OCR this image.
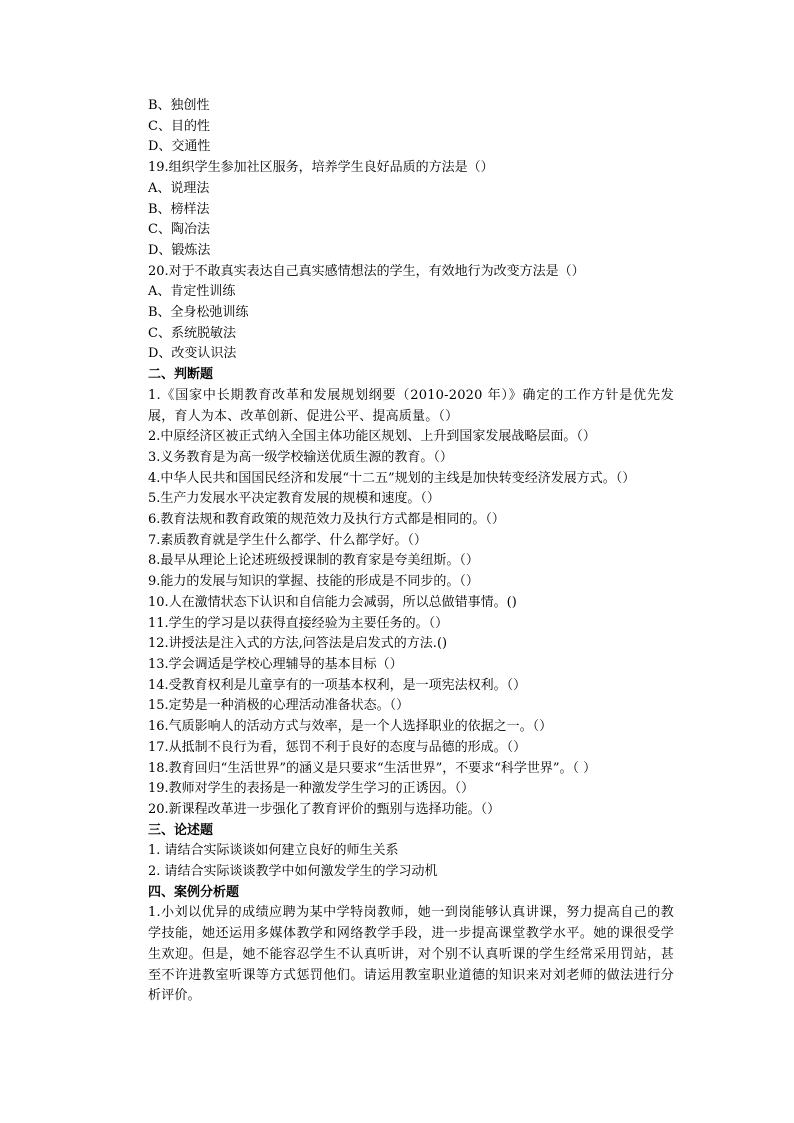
B、独创性
C、目的性
D、交通性
19.组织学生参加社区服务，培养学生良好品质的方法是（）
A、说理法
B、榜样法
C、陶冶法
D、锻炼法
20.对于不敢真实表达自己真实感情想法的学生，有效地行为改变方法是（）
A、肯定性训练
B、全身松弛训练
C、系统脱敏法
D、改变认识法
二、判断题
1.《国家中长期教育改革和发展规划纲要（2010-2020 年）》确定的工作方针是优先发展，育人为本、改革创新、促进公平、提高质量。（）
2.中原经济区被正式纳入全国主体功能区规划、上升到国家发展战略层面。（）
3.义务教育是为高一级学校输送优质生源的教育。（）
4.中华人民共和国国民经济和发展“十二五”规划的主线是加快转变经济发展方式。（）
5.生产力发展水平决定教育发展的规模和速度。（）
6.教育法规和教育政策的规范效力及执行方式都是相同的。（）
7.素质教育就是学生什么都学、什么都学好。（）
8.最早从理论上论述班级授课制的教育家是夸美纽斯。（）
9.能力的发展与知识的掌握、技能的形成是不同步的。（）
10.人在激情状态下认识和自信能力会减弱，所以总做错事情。()
11.学生的学习是以获得直接经验为主要任务的。（）
12.讲授法是注入式的方法,问答法是启发式的方法.()
13.学会调适是学校心理辅导的基本目标（）
14.受教育权利是儿童享有的一项基本权利，是一项宪法权利。（）
15.定势是一种消极的心理活动准备状态。（）
16.气质影响人的活动方式与效率，是一个人选择职业的依据之一。（）
17.从抵制不良行为看，惩罚不利于良好的态度与品德的形成。（）
18.教育回归“生活世界”的涵义是只要求“生活世界”，不要求“科学世界”。（ ）
19.教师对学生的表扬是一种激发学生学习的正诱因。（）
20.新课程改革进一步强化了教育评价的甄别与选择功能。（）
三、论述题
1. 请结合实际谈谈如何建立良好的师生关系
2. 请结合实际谈谈教学中如何激发学生的学习动机
四、案例分析题
1.小刘以优异的成绩应聘为某中学特岗教师，她一到岗能够认真讲课，努力提高自己的教学技能，她还运用多媒体教学和网络教学手段，进一步提高课堂教学水平。她的课很受学生欢迎。但是，她不能容忍学生不认真听讲，对个别不认真听课的学生经常采用罚站，甚至不许进教室听课等方式惩罚他们。请运用教室职业道德的知识来对刘老师的做法进行分析评价。
